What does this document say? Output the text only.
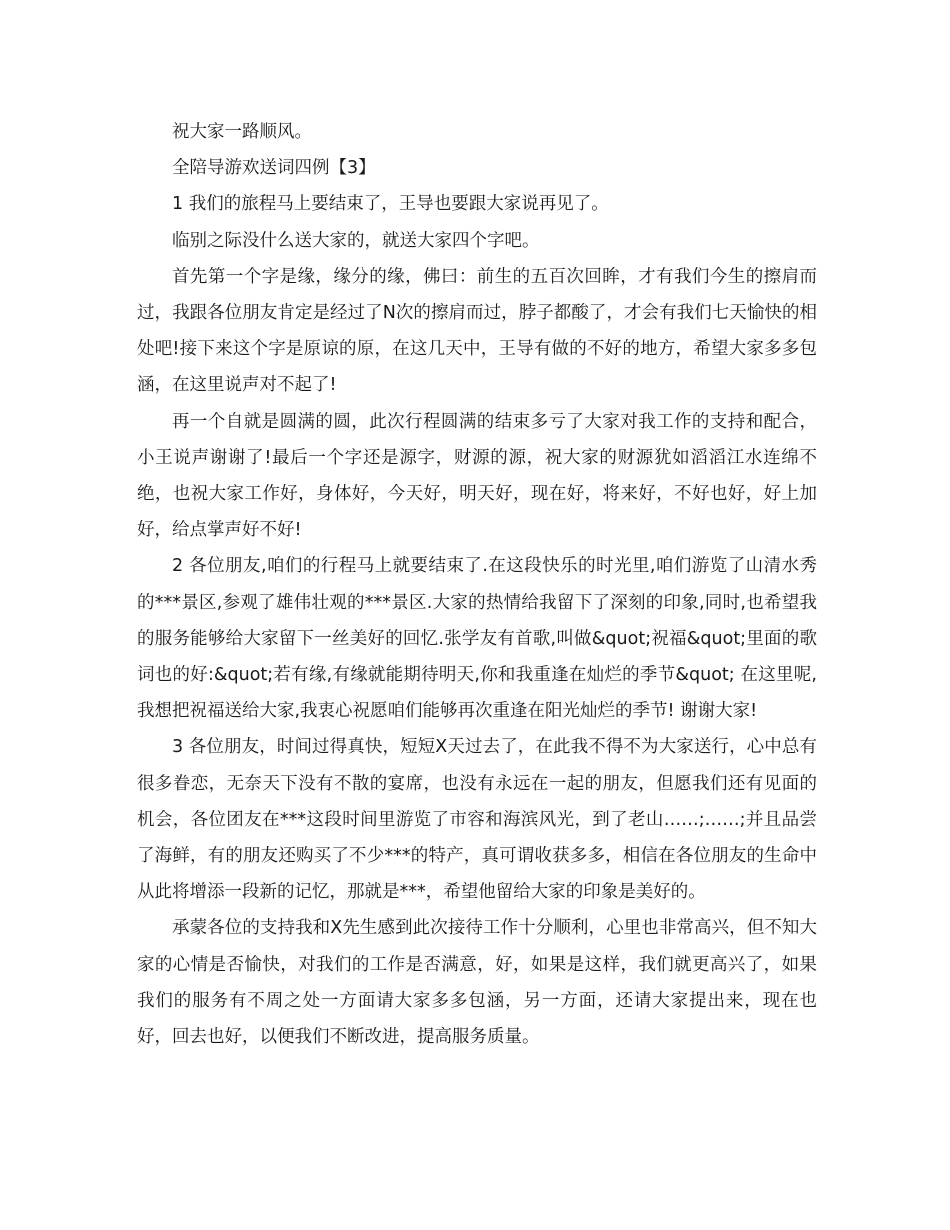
祝大家一路顺风。

全陪导游欢送词四例【3】

1 我们的旅程马上要结束了，王导也要跟大家说再见了。

临别之际没什么送大家的，就送大家四个字吧。

首先第一个字是缘，缘分的缘，佛曰：前生的五百次回眸，才有我们今生的擦肩而过，我跟各位朋友肯定是经过了N次的擦肩而过，脖子都酸了，才会有我们七天愉快的相处吧!接下来这个字是原谅的原，在这几天中，王导有做的不好的地方，希望大家多多包涵，在这里说声对不起了!

再一个自就是圆满的圆，此次行程圆满的结束多亏了大家对我工作的支持和配合，小王说声谢谢了!最后一个字还是源字，财源的源，祝大家的财源犹如滔滔江水连绵不绝，也祝大家工作好，身体好，今天好，明天好，现在好，将来好，不好也好，好上加好，给点掌声好不好!

2 各位朋友,咱们的行程马上就要结束了.在这段快乐的时光里,咱们游览了山清水秀的***景区,参观了雄伟壮观的***景区.大家的热情给我留下了深刻的印象,同时,也希望我的服务能够给大家留下一丝美好的回忆.张学友有首歌,叫做&quot;祝福&quot;里面的歌词也的好:&quot;若有缘,有缘就能期待明天,你和我重逢在灿烂的季节&quot; 在这里呢,我想把祝福送给大家,我衷心祝愿咱们能够再次重逢在阳光灿烂的季节! 谢谢大家!

3 各位朋友，时间过得真快，短短X天过去了，在此我不得不为大家送行，心中总有很多眷恋，无奈天下没有不散的宴席，也没有永远在一起的朋友，但愿我们还有见面的机会，各位团友在***这段时间里游览了市容和海滨风光，到了老山……;……;并且品尝了海鲜，有的朋友还购买了不少***的特产，真可谓收获多多，相信在各位朋友的生命中从此将增添一段新的记忆，那就是***，希望他留给大家的印象是美好的。

承蒙各位的支持我和X先生感到此次接待工作十分顺利，心里也非常高兴，但不知大家的心情是否愉快，对我们的工作是否满意，好，如果是这样，我们就更高兴了，如果我们的服务有不周之处一方面请大家多多包涵，另一方面，还请大家提出来，现在也好，回去也好，以便我们不断改进，提高服务质量。
